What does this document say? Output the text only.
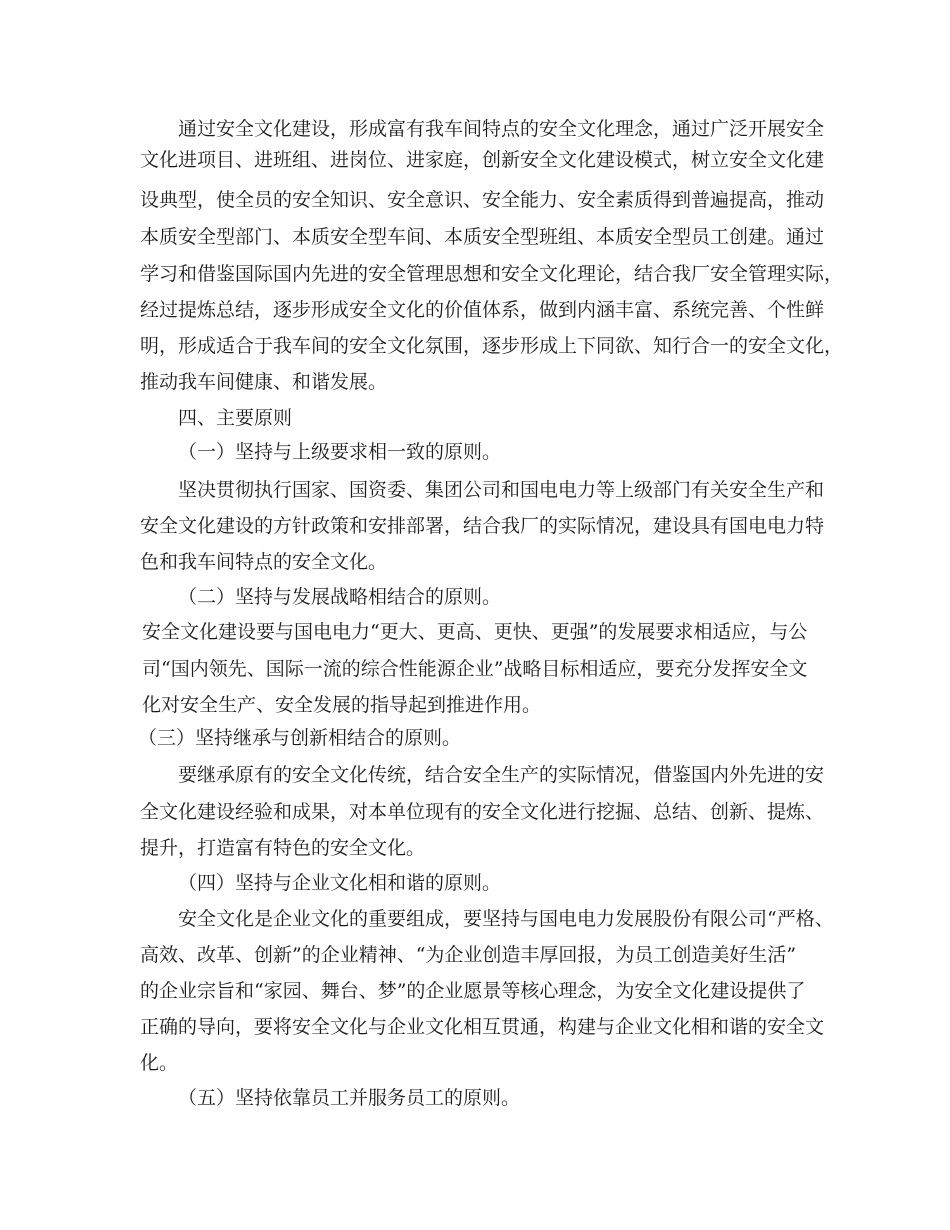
通过安全文化建设，形成富有我车间特点的安全文化理念，通过广泛开展安全
文化进项目、进班组、进岗位、进家庭，创新安全文化建设模式，树立安全文化建
设典型，使全员的安全知识、安全意识、安全能力、安全素质得到普遍提高，推动
本质安全型部门、本质安全型车间、本质安全型班组、本质安全型员工创建。通过
学习和借鉴国际国内先进的安全管理思想和安全文化理论，结合我厂安全管理实际，
经过提炼总结，逐步形成安全文化的价值体系，做到内涵丰富、系统完善、个性鲜
明，形成适合于我车间的安全文化氛围，逐步形成上下同欲、知行合一的安全文化，
推动我车间健康、和谐发展。
四、主要原则
（一）坚持与上级要求相一致的原则。
坚决贯彻执行国家、国资委、集团公司和国电电力等上级部门有关安全生产和
安全文化建设的方针政策和安排部署，结合我厂的实际情况，建设具有国电电力特
色和我车间特点的安全文化。
（二）坚持与发展战略相结合的原则。
安全文化建设要与国电电力“更大、更高、更快、更强”的发展要求相适应，与公
司“国内领先、国际一流的综合性能源企业”战略目标相适应，要充分发挥安全文
化对安全生产、安全发展的指导起到推进作用。
（三）坚持继承与创新相结合的原则。
要继承原有的安全文化传统，结合安全生产的实际情况，借鉴国内外先进的安
全文化建设经验和成果，对本单位现有的安全文化进行挖掘、总结、创新、提炼、
提升，打造富有特色的安全文化。
（四）坚持与企业文化相和谐的原则。
安全文化是企业文化的重要组成，要坚持与国电电力发展股份有限公司“严格、
高效、改革、创新”的企业精神、“为企业创造丰厚回报，为员工创造美好生活”
的企业宗旨和“家园、舞台、梦”的企业愿景等核心理念，为安全文化建设提供了
正确的导向，要将安全文化与企业文化相互贯通，构建与企业文化相和谐的安全文
化。
（五）坚持依靠员工并服务员工的原则。
